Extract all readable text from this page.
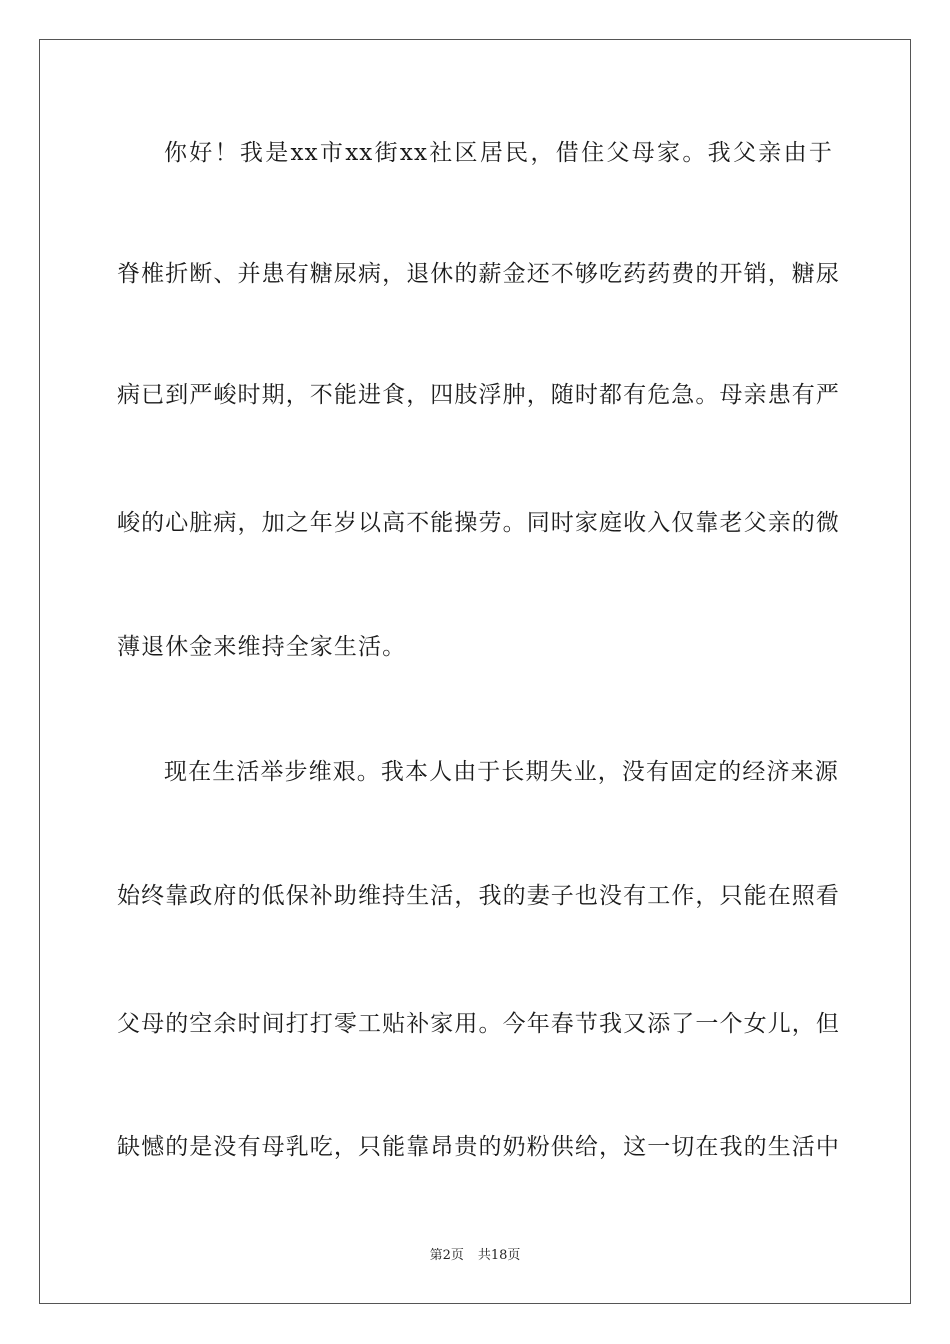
你好！我是xx市xx街xx社区居民，借住父母家。我父亲由于
脊椎折断、并患有糖尿病，退休的薪金还不够吃药药费的开销，糖尿
病已到严峻时期，不能进食，四肢浮肿，随时都有危急。母亲患有严
峻的心脏病，加之年岁以高不能操劳。同时家庭收入仅靠老父亲的微
薄退休金来维持全家生活。
现在生活举步维艰。我本人由于长期失业，没有固定的经济来源
始终靠政府的低保补助维持生活，我的妻子也没有工作，只能在照看
父母的空余时间打打零工贴补家用。今年春节我又添了一个女儿，但
缺憾的是没有母乳吃，只能靠昂贵的奶粉供给，这一切在我的生活中
第2页 共18页
